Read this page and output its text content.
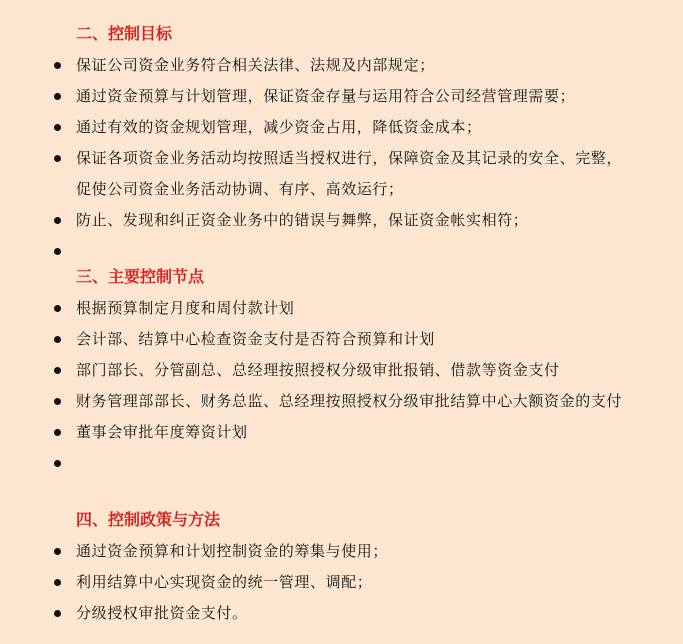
二、控制目标
保证公司资金业务符合相关法律、法规及内部规定；
通过资金预算与计划管理，保证资金存量与运用符合公司经营管理需要；
通过有效的资金规划管理，减少资金占用，降低资金成本；
保证各项资金业务活动均按照适当授权进行，保障资金及其记录的安全、完整，促使公司资金业务活动协调、有序、高效运行；
防止、发现和纠正资金业务中的错误与舞弊，保证资金帐实相符；
三、主要控制节点
根据预算制定月度和周付款计划
会计部、结算中心检查资金支付是否符合预算和计划
部门部长、分管副总、总经理按照授权分级审批报销、借款等资金支付
财务管理部部长、财务总监、总经理按照授权分级审批结算中心大额资金的支付
董事会审批年度筹资计划
四、控制政策与方法
通过资金预算和计划控制资金的筹集与使用；
利用结算中心实现资金的统一管理、调配；
分级授权审批资金支付。
